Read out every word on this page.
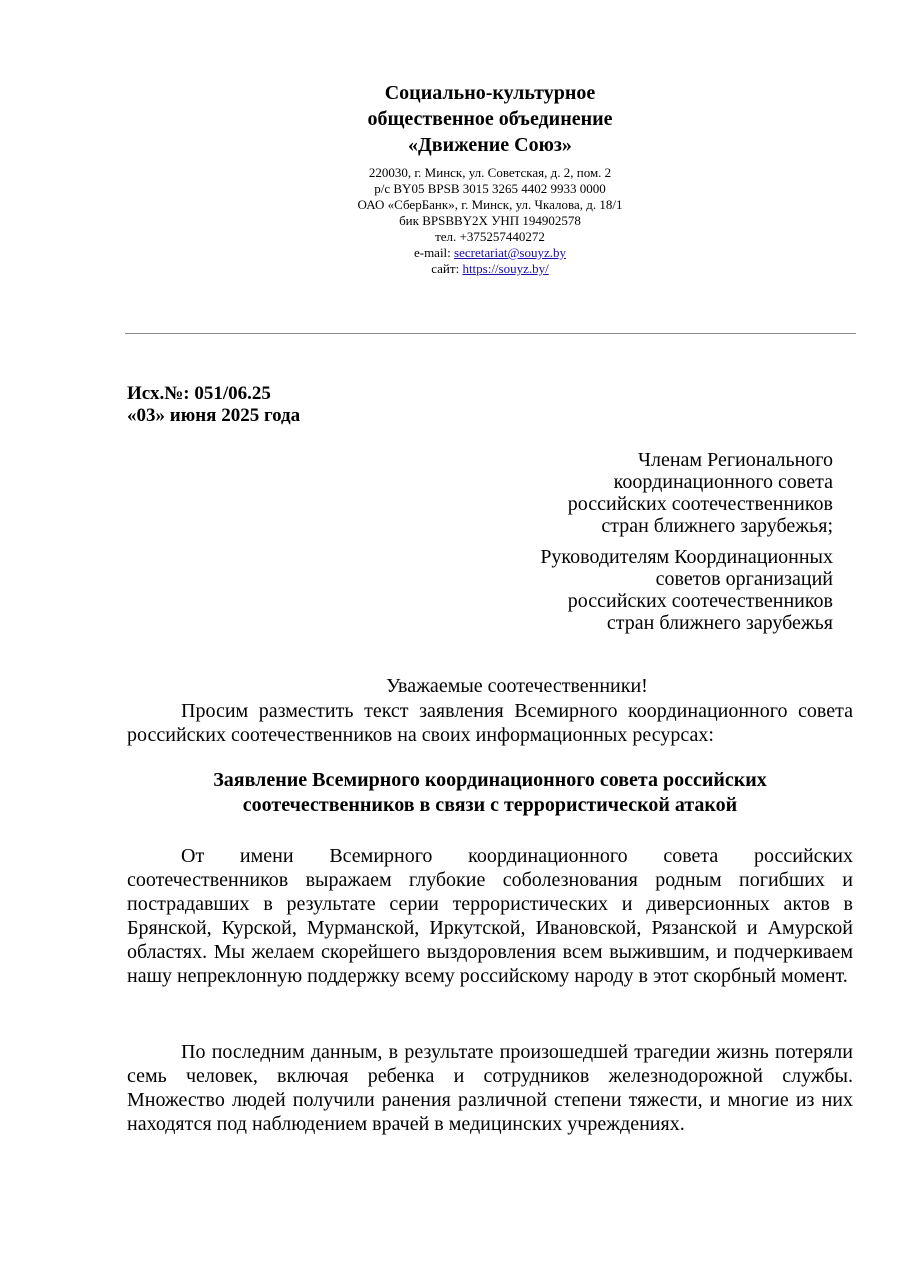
Социально-культурное
общественное объединение
«Движение Союз»
220030, г. Минск, ул. Советская, д. 2, пом. 2
р/с BY05 BPSB 3015 3265 4402 9933 0000
ОАО «СберБанк», г. Минск, ул. Чкалова, д. 18/1
бик BPSBBY2X УНП 194902578
тел. +375257440272
e-mail: secretariat@souyz.by
сайт: https://souyz.by/
Исх.№: 051/06.25
«03» июня 2025 года
Членам Регионального
координационного совета
российских соотечественников
стран ближнего зарубежья;
Руководителям Координационных
советов организаций
российских соотечественников
стран ближнего зарубежья
Уважаемые соотечественники!

Просим разместить текст заявления Всемирного координационного совета российских соотечественников на своих информационных ресурсах:

Заявление Всемирного координационного совета российских
соотечественников в связи с террористической атакой

От имени Всемирного координационного совета российских соотечественников выражаем глубокие соболезнования родным погибших и пострадавших в результате серии террористических и диверсионных актов в Брянской, Курской, Мурманской, Иркутской, Ивановской, Рязанской и Амурской областях. Мы желаем скорейшего выздоровления всем выжившим, и подчеркиваем нашу непреклонную поддержку всему российскому народу в этот скорбный момент.

По последним данным, в результате произошедшей трагедии жизнь потеряли семь человек, включая ребенка и сотрудников железнодорожной службы. Множество людей получили ранения различной степени тяжести, и многие из них находятся под наблюдением врачей в медицинских учреждениях.
